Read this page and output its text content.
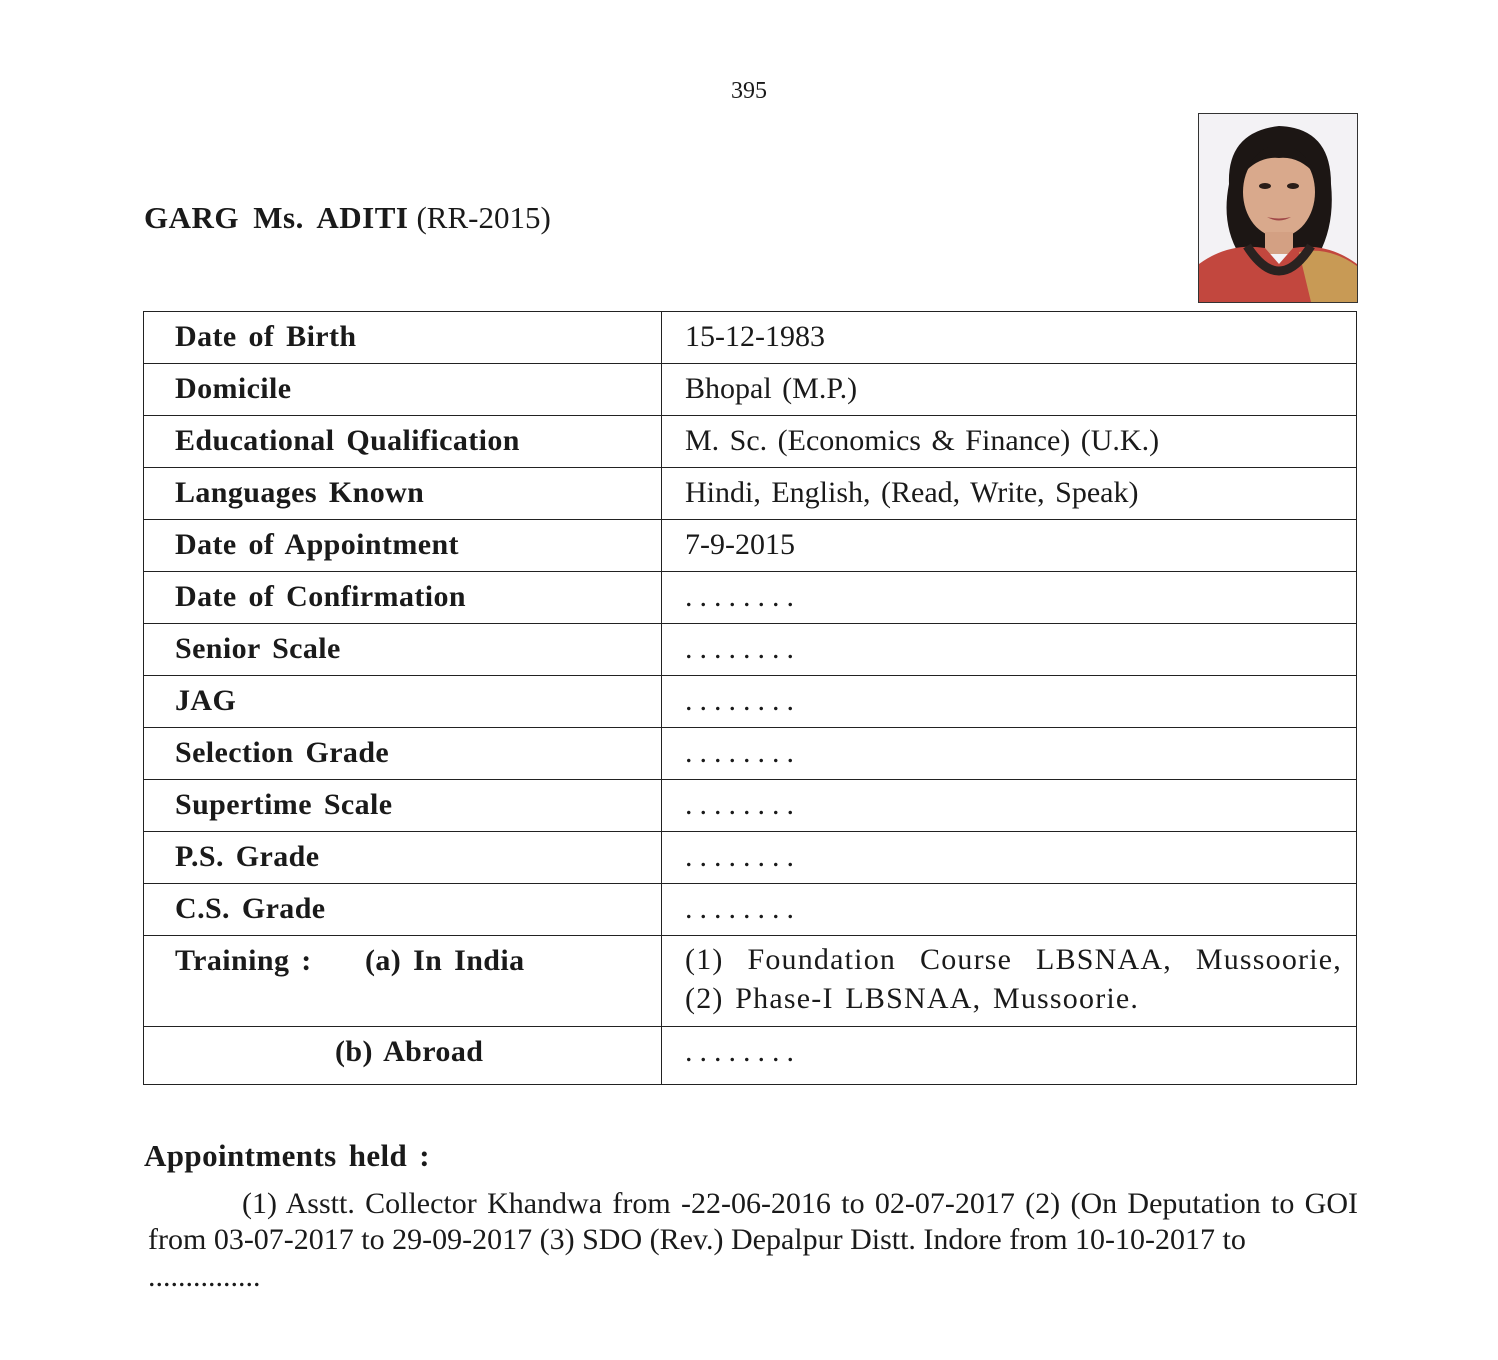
395
GARG Ms. ADITI (RR-2015)
Date of Birth	15-12-1983
Domicile	Bhopal (M.P.)
Educational Qualification	M. Sc. (Economics & Finance) (U.K.)
Languages Known	Hindi, English, (Read, Write, Speak)
Date of Appointment	7-9-2015
Date of Confirmation	........
Senior Scale	........
JAG	........
Selection Grade	........
Supertime Scale	........
P.S. Grade	........
C.S. Grade	........

Training : (a) In India	(1) Foundation Course LBSNAA, Mussoorie, (2) Phase-I LBSNAA, Mussoorie.

(b) Abroad	........
Appointments held :
(1) Asstt. Collector Khandwa from -22-06-2016 to 02-07-2017 (2) (On Deputation to GOI from 03-07-2017 to 29-09-2017 (3) SDO (Rev.) Depalpur Distt. Indore from 10-10-2017 to
...............
